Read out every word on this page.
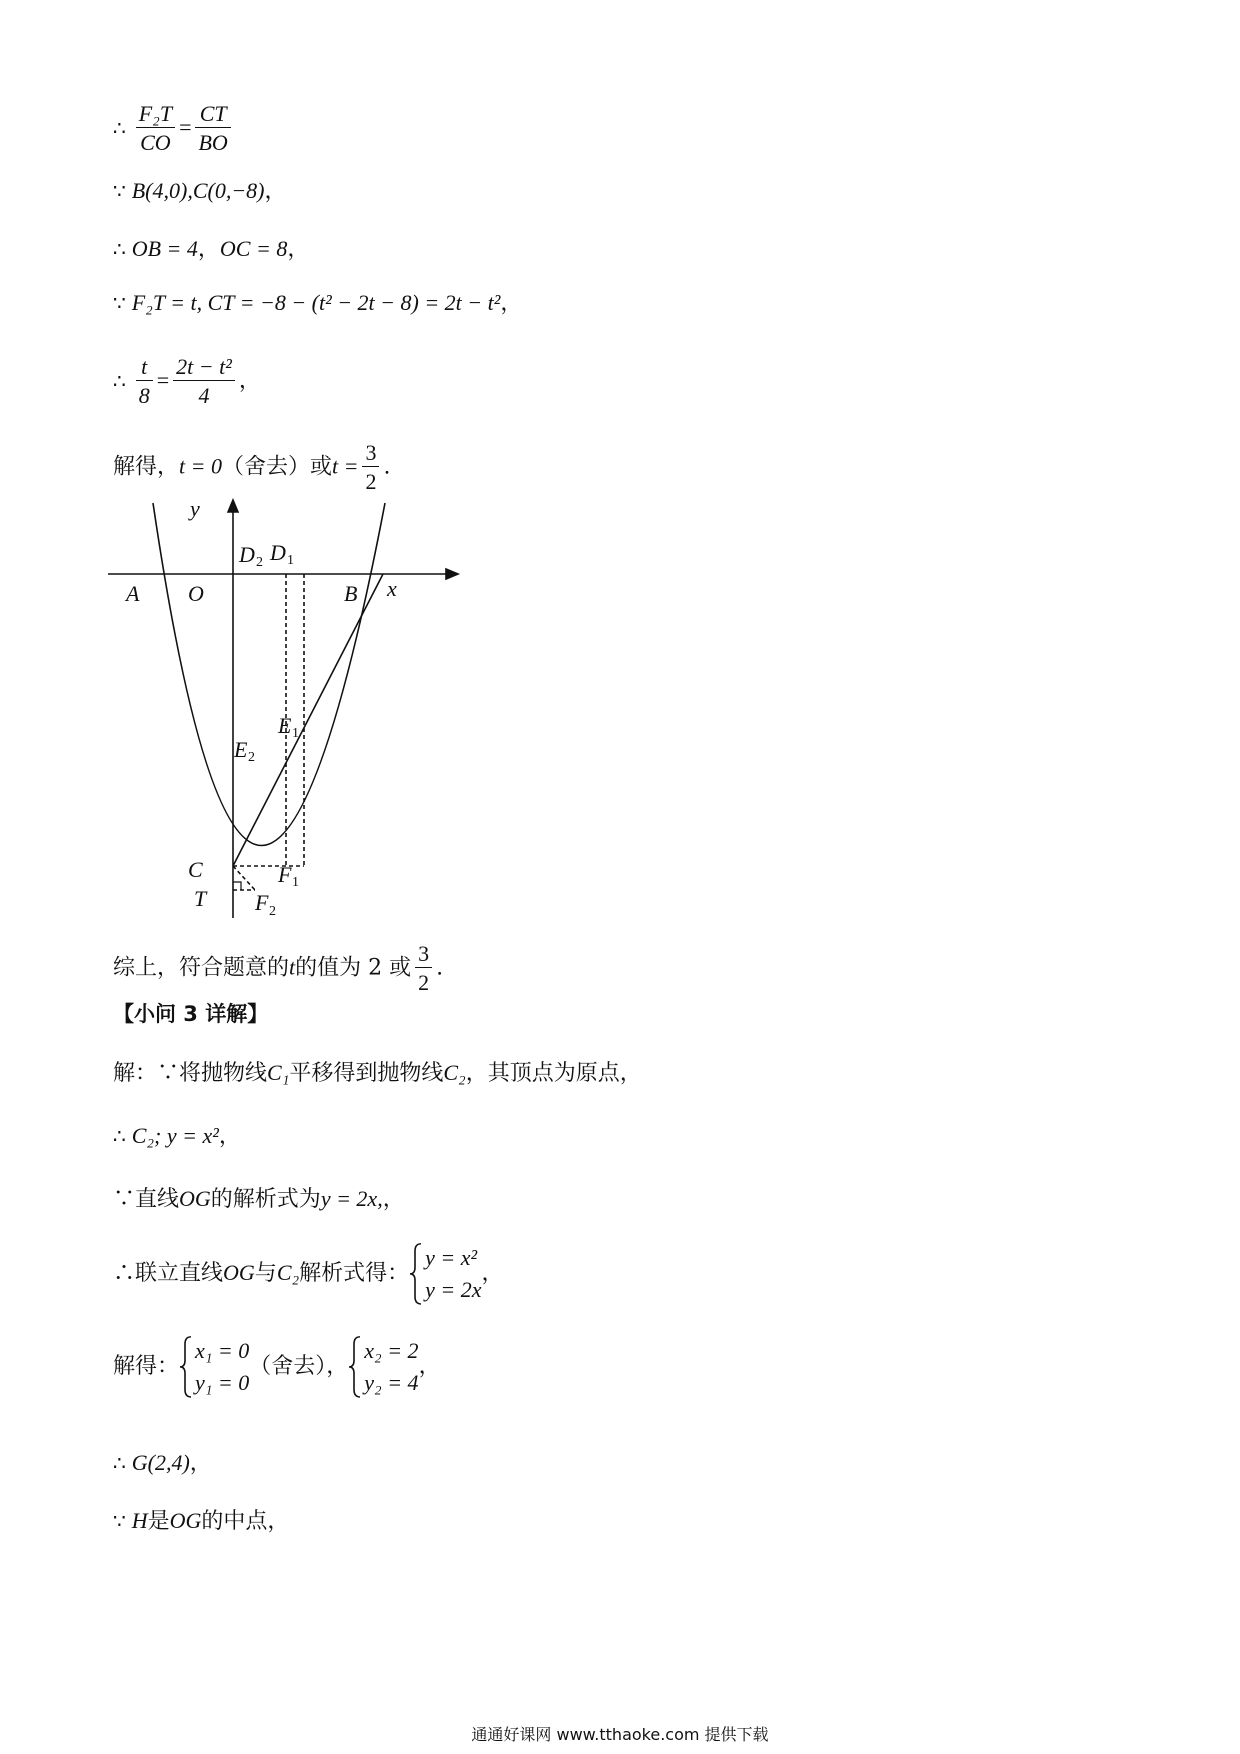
∴ $\frac{\text{F₂T}}{CO} = \frac{CT}{BO}$
∵ B(4,0),C(0,−8)，
∴ OB = 4，OC = 8，
∵ F₂T = t, CT = −8 − (t² − 2t − 8) = 2t − t²，
∴ $\frac{t}{8} = \frac{\text{2t − t²}}{4}$ ，
解得，t = 0（舍去）或$t = \frac{3}{2}$ .
y
x
A O	B
D 2 D 1
E 1
E 2
C	F 1
T F 2
综上，符合题意的t的值为 2 或 $\frac{3}{2}$ .
【小问 3 详解】
解：∵将抛物线C₁平移得到抛物线C₂，其顶点为原点，
∴ C₂; y = x²，
∵直线OG的解析式为y = 2x,，
∴联立直线OG与C₂解析式得：
y = x²
y = 2x
，
解得：
x₁ = 0
y₁ = 0
（舍去），
x₂ = 2
y₂ = 4
，
∴ G(2,4)，
∵ H是OG的中点，
通通好课网 www.tthaoke.com 提供下载
